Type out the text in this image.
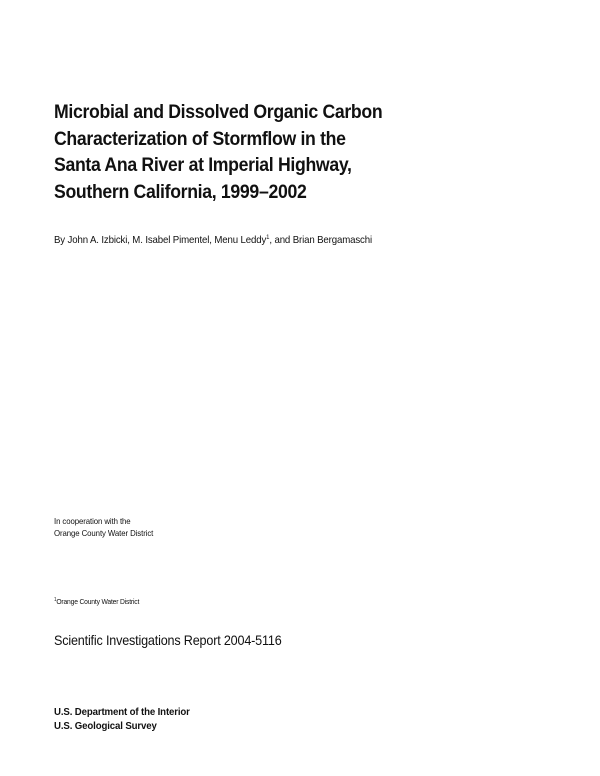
Microbial and Dissolved Organic Carbon
Characterization of Stormflow in the
Santa Ana River at Imperial Highway,
Southern California, 1999–2002
By John A. Izbicki, M. Isabel Pimentel, Menu Leddy$^1$, and Brian Bergamaschi
In cooperation with the
Orange County Water District
$^1$Orange County Water District
Scientific Investigations Report 2004-5116
U.S. Department of the Interior
U.S. Geological Survey
